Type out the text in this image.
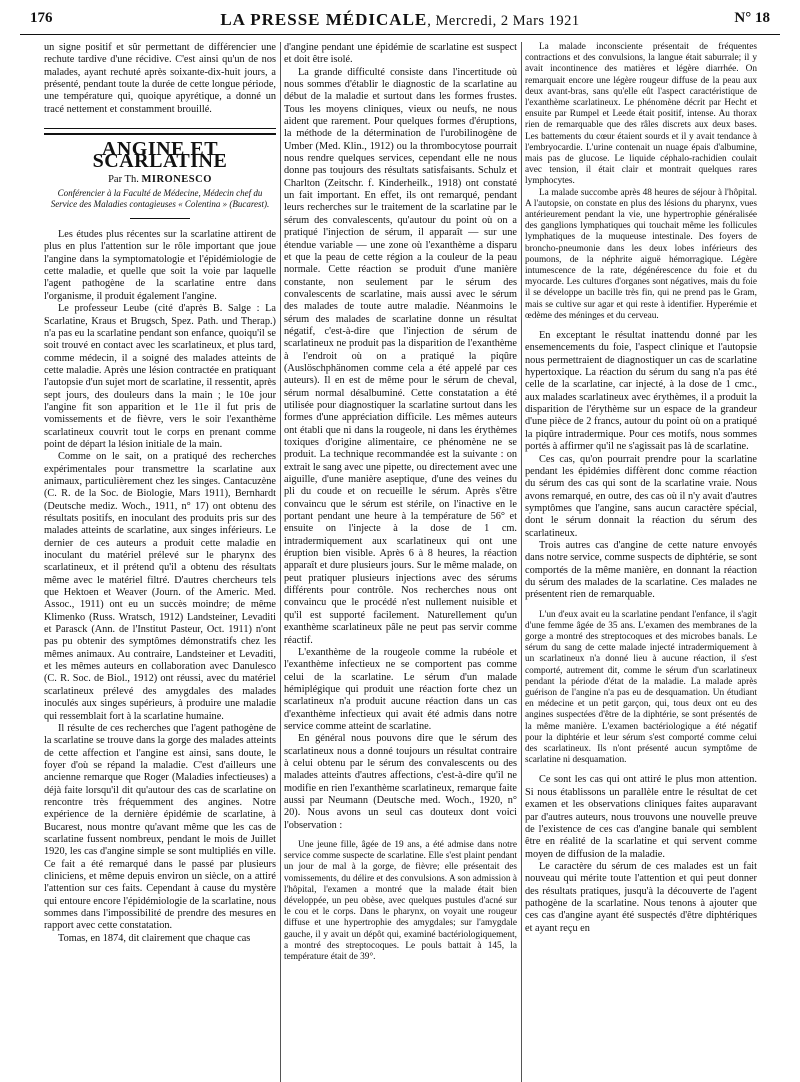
176	LA PRESSE MÉDICALE, Mercredi, 2 Mars 1921	N° 18

un signe positif et sûr permettant de différencier une rechute tardive d'une récidive. C'est ainsi qu'un de nos malades, ayant rechuté après soixante-dix-huit jours, a présenté, pendant toute la durée de cette longue période, une température qui, quoique apyrétique, a donné un tracé nettement et constamment brouillé.

ANGINE ET SCARLATINE
Par Th. MIRONESCO
Conférencier à la Faculté de Médecine, Médecin chef du Service des Maladies contagieuses « Colentina » (Bucarest).

Les études plus récentes sur la scarlatine attirent de plus en plus l'attention sur le rôle important que joue l'angine dans la symptomatologie et l'épidémiologie de cette maladie, et quelle que soit la voie par laquelle l'agent pathogène de la scarlatine entre dans l'organisme, il produit également l'angine.

Le professeur Leube (cité d'après B. Salge : La Scarlatine, Kraus et Brugsch, Spez. Path. und Therap.) n'a pas eu la scarlatine pendant son enfance, quoiqu'il se soit trouvé en contact avec les scarlatineux, et plus tard, comme médecin, il a soigné des malades atteints de cette maladie. Après une lésion contractée en pratiquant l'autopsie d'un sujet mort de scarlatine, il ressentit, après sept jours, des douleurs dans la main ; le 10e jour l'angine fit son apparition et le 11e il fut pris de vomissements et de fièvre, vers le soir l'exanthème scarlatineux couvrit tout le corps en prenant comme point de départ la lésion initiale de la main.

Comme on le sait, on a pratiqué des recherches expérimentales pour transmettre la scarlatine aux animaux, particulièrement chez les singes. Cantacuzène (C. R. de la Soc. de Biologie, Mars 1911), Bernhardt (Deutsche mediz. Woch., 1911, n° 17) ont obtenu des résultats positifs, en inoculant des produits pris sur des malades atteints de scarlatine, aux singes inférieurs. Le dernier de ces auteurs a produit cette maladie en inoculant du matériel prélevé sur le pharynx des scarlatineux, et il prétend qu'il a obtenu des résultats même avec le matériel filtré. D'autres chercheurs tels que Hektoen et Weaver (Journ. of the Americ. Med. Assoc., 1911) ont eu un succès moindre; de même Klimenko (Russ. Wratsch, 1912) Landsteiner, Levaditi et Parasck (Ann. de l'Institut Pasteur, Oct. 1911) n'ont pas pu obtenir des symptômes démonstratifs chez les mêmes animaux. Au contraire, Landsteiner et Levaditi, et les mêmes auteurs en collaboration avec Danulesco (C. R. Soc. de Biol., 1912) ont réussi, avec du matériel scarlatineux prélevé des amygdales des malades inoculés aux singes supérieurs, à produire une maladie qui ressemblait fort à la scarlatine humaine.

Il résulte de ces recherches que l'agent pathogène de la scarlatine se trouve dans la gorge des malades atteints de cette affection et l'angine est ainsi, sans doute, le foyer d'où se répand la maladie. C'est d'ailleurs une ancienne remarque que Roger (Maladies infectieuses) a déjà faite lorsqu'il dit qu'autour des cas de scarlatine on rencontre très fréquemment des angines. Notre expérience de la dernière épidémie de scarlatine, à Bucarest, nous montre qu'avant même que les cas de scarlatine fussent nombreux, pendant le mois de Juillet 1920, les cas d'angine simple se sont multipliés en ville. Ce fait a été remarqué dans le passé par plusieurs cliniciens, et même depuis environ un siècle, on a attiré l'attention sur ces faits. Cependant à cause du mystère qui entoure encore l'épidémiologie de la scarlatine, nous sommes dans l'impossibilité de prendre des mesures en rapport avec cette constatation.

Tomas, en 1874, dit clairement que chaque cas

d'angine pendant une épidémie de scarlatine est suspect et doit être isolé.

La grande difficulté consiste dans l'incertitude où nous sommes d'établir le diagnostic de la scarlatine au début de la maladie et surtout dans les formes frustes. Tous les moyens cliniques, vieux ou neufs, ne nous aident que rarement. Pour quelques formes d'éruptions, la méthode de la détermination de l'urobilinogène de Umber (Med. Klin., 1912) ou la thrombocytose pourrait nous rendre quelques services, cependant elle ne nous donne pas toujours des résultats satisfaisants. Schulz et Charlton (Zeitschr. f. Kinderheilk., 1918) ont constaté un fait important. En effet, ils ont remarqué, pendant leurs recherches sur le traitement de la scarlatine par le sérum des convalescents, qu'autour du point où on a pratiqué l'injection de sérum, il apparaît — sur une étendue variable — une zone où l'exanthème a disparu et que la peau de cette région a la couleur de la peau normale. Cette réaction se produit d'une manière constante, non seulement par le sérum des convalescents de scarlatine, mais aussi avec le sérum des malades de toute autre maladie. Néanmoins le sérum des malades de scarlatine donne un résultat négatif, c'est-à-dire que l'injection de sérum de scarlatineux ne produit pas la disparition de l'exanthème à l'endroit où on a pratiqué la piqûre (Auslöschphänomen comme cela a été appelé par ces auteurs). Il en est de même pour le sérum de cheval, sérum normal désalbuminé. Cette constatation a été utilisée pour diagnostiquer la scarlatine surtout dans les formes d'une appréciation difficile. Les mêmes auteurs ont établi que ni dans la rougeole, ni dans les érythèmes toxiques d'origine alimentaire, ce phénomène ne se produit. La technique recommandée est la suivante : on extrait le sang avec une pipette, ou directement avec une aiguille, d'une manière aseptique, d'une des veines du pli du coude et on recueille le sérum. Après s'être convaincu que le sérum est stérile, on l'inactive en le portant pendant une heure à la température de 56° et ensuite on l'injecte à la dose de 1 cm. intradermiquement aux scarlatineux qui ont une éruption bien visible. Après 6 à 8 heures, la réaction apparaît et dure plusieurs jours. Sur le même malade, on peut pratiquer plusieurs injections avec des sérums différents pour contrôle. Nos recherches nous ont convaincu que le procédé n'est nullement nuisible et qu'il est supporté facilement. Naturellement qu'un exanthème scarlatineux pâle ne peut pas servir comme réactif.

L'exanthème de la rougeole comme la rubéole et l'exanthème infectieux ne se comportent pas comme celui de la scarlatine. Le sérum d'un malade hémiplégique qui produit une réaction forte chez un scarlatineux n'a produit aucune réaction dans un cas d'exanthème infectieux qui avait été admis dans notre service comme atteint de scarlatine.

En général nous pouvons dire que le sérum des scarlatineux nous a donné toujours un résultat contraire à celui obtenu par le sérum des convalescents ou des malades atteints d'autres affections, c'est-à-dire qu'il ne modifie en rien l'exanthème scarlatineux, remarque faite aussi par Neumann (Deutsche med. Woch., 1920, n° 20). Nous avons un seul cas douteux dont voici l'observation :

Une jeune fille, âgée de 19 ans, a été admise dans notre service comme suspecte de scarlatine. Elle s'est plaint pendant un jour de mal à la gorge, de fièvre; elle présentait des vomissements, du délire et des convulsions. A son admission à l'hôpital, l'examen a montré que la malade était bien développée, un peu obèse, avec quelques pustules d'acné sur le cou et le corps. Dans le pharynx, on voyait une rougeur diffuse et une hypertrophie des amygdales; sur l'amygdale gauche, il y avait un dépôt qui, examiné bactériologiquement, a montré des streptocoques. Le pouls battait à 145, la température était de 39°.

La malade inconsciente présentait de fréquentes contractions et des convulsions, la langue était saburrale; il y avait incontinence des matières et légère diarrhée. On remarquait encore une légère rougeur diffuse de la peau aux deux avant-bras, sans qu'elle eût l'aspect caractéristique de l'exanthème scarlatineux. Le phénomène décrit par Hecht et ensuite par Rumpel et Leede était positif, intense. Au thorax rien de remarquable que des râles discrets aux deux bases. Les battements du cœur étaient sourds et il y avait tendance à l'embryocardie. L'urine contenait un nuage épais d'albumine, mais pas de glucose. Le liquide céphalo-rachidien coulait avec tension, il était clair et montrait quelques rares lymphocytes.

La malade succombe après 48 heures de séjour à l'hôpital. A l'autopsie, on constate en plus des lésions du pharynx, vues antérieurement pendant la vie, une hypertrophie généralisée des ganglions lymphatiques qui touchait même les follicules lymphatiques de la muqueuse intestinale. Des foyers de broncho-pneumonie dans les deux lobes inférieurs des poumons, de la néphrite aiguë hémorragique. Légère intumescence de la rate, dégénérescence du foie et du myocarde. Les cultures d'organes sont négatives, mais du foie il se développe un bacille très fin, qui ne prend pas le Gram, mais se cultive sur agar et qui reste à identifier. Hyperémie et œdème des méninges et du cerveau.

En exceptant le résultat inattendu donné par les ensemencements du foie, l'aspect clinique et l'autopsie nous permettraient de diagnostiquer un cas de scarlatine hypertoxique. La réaction du sérum du sang n'a pas été celle de la scarlatine, car injecté, à la dose de 1 cmc., aux malades scarlatineux avec érythèmes, il a produit la disparition de l'érythème sur un espace de la grandeur d'une pièce de 2 francs, autour du point où on a pratiqué la piqûre intradermique. Pour ces motifs, nous sommes portés à affirmer qu'il ne s'agissait pas là de scarlatine.

Ces cas, qu'on pourrait prendre pour la scarlatine pendant les épidémies diffèrent donc comme réaction du sérum des cas qui sont de la scarlatine vraie. Nous avons remarqué, en outre, des cas où il n'y avait d'autres symptômes que l'angine, sans aucun caractère spécial, dont le sérum donnait la réaction du sérum des scarlatineux.

Trois autres cas d'angine de cette nature envoyés dans notre service, comme suspects de diphtérie, se sont comportés de la même manière, en donnant la réaction du sérum des malades de la scarlatine. Ces malades ne présentent rien de remarquable.

L'un d'eux avait eu la scarlatine pendant l'enfance, il s'agit d'une femme âgée de 35 ans. L'examen des membranes de la gorge a montré des streptocoques et des microbes banals. Le sérum du sang de cette malade injecté intradermiquement à un scarlatineux n'a donné lieu à aucune réaction, il s'est comporté, autrement dit, comme le sérum d'un scarlatineux pendant la période d'état de la maladie. La malade après guérison de l'angine n'a pas eu de desquamation. Un étudiant en médecine et un petit garçon, qui, tous deux ont eu des angines suspectées d'être de la diphtérie, se sont présentés de la même manière. L'examen bactériologique a été négatif pour la diphtérie et leur sérum s'est comporté comme celui des scarlatineux. Ils n'ont présenté aucun symptôme de scarlatine ni desquamation.

Ce sont les cas qui ont attiré le plus mon attention. Si nous établissons un parallèle entre le résultat de cet examen et les observations cliniques faites auparavant par d'autres auteurs, nous trouvons une nouvelle preuve de l'existence de ces cas d'angine banale qui semblent être en réalité de la scarlatine et qui servent comme moyen de diffusion de la maladie.

Le caractère du sérum de ces malades est un fait nouveau qui mérite toute l'attention et qui peut donner des résultats pratiques, jusqu'à la découverte de l'agent pathogène de la scarlatine. Nous tenons à ajouter que ces cas d'angine ayant été suspectés d'être diphtériques et ayant reçu en
